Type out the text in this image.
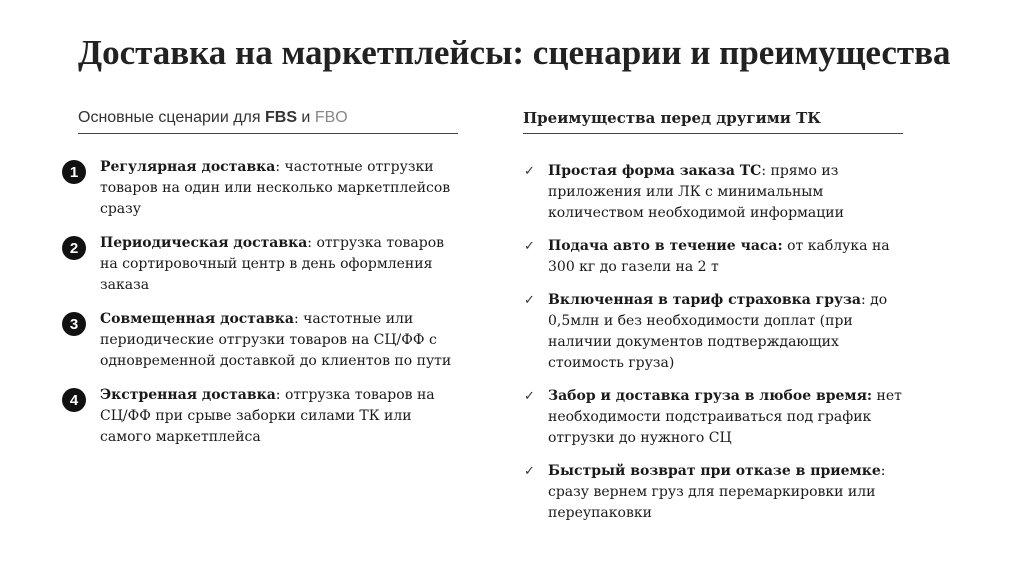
Доставка на маркетплейсы: сценарии и преимущества
Основные сценарии для FBS и FBO	Преимущества перед другими ТК
1	Регулярная доставка: частотные отгрузки товаров на один или несколько маркетплейсов сразу
2	Периодическая доставка: отгрузка товаров на сортировочный центр в день оформления заказа
3	Совмещенная доставка: частотные или периодические отгрузки товаров на СЦ/ФФ с одновременной доставкой до клиентов по пути
4	Экстренная доставка: отгрузка товаров на СЦ/ФФ при срыве заборки силами ТК или самого маркетплейса
✓ Простая форма заказа ТС: прямо из приложения или ЛК с минимальным количеством необходимой информации
✓ Подача авто в течение часа: от каблука на 300 кг до газели на 2 т
✓ Включенная в тариф страховка груза: до 0,5млн и без необходимости доплат (при наличии документов подтверждающих стоимость груза)
✓ Забор и доставка груза в любое время: нет необходимости подстраиваться под график отгрузки до нужного СЦ
✓ Быстрый возврат при отказе в приемке: сразу вернем груз для перемаркировки или переупаковки
